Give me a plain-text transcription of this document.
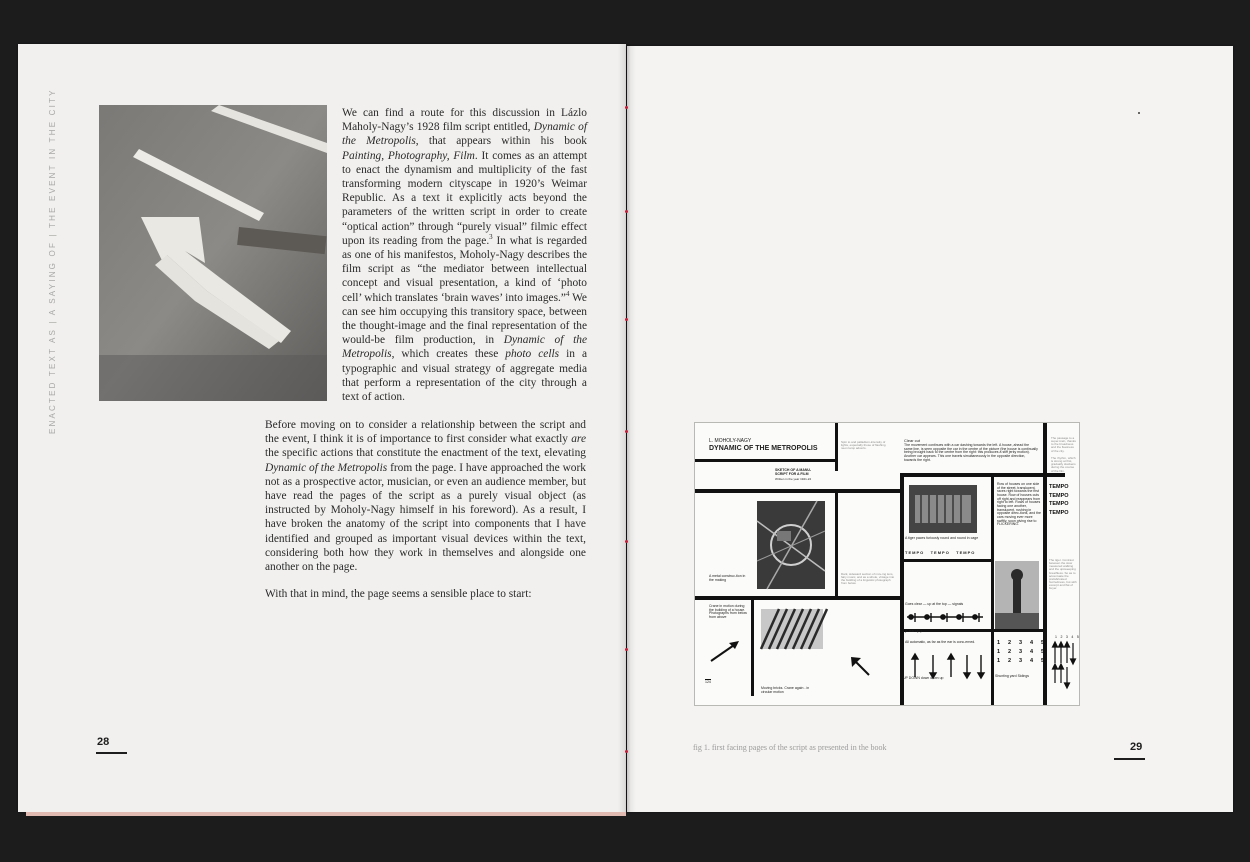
ENACTED TEXT AS | A SAYING OF | THE EVENT IN THE CITY	We can find a route for this discussion in Lázlo Maholy-Nagy’s 1928 film script entitled, Dynamic of the Metropolis, that appears within his book Painting, Photography, Film. It comes as an attempt to enact the dynamism and multiplicity of the fast transforming modern cityscape in 1920’s Weimar Republic. As a text it explicitly acts beyond the parameters of the written script in order to create “optical action” through “purely visual” filmic effect upon its reading from the page.$^3$ In what is regarded as one of his manifestos, Moholy-Nagy describes the film script as “the mediator between intellectual concept and visual presentation, a kind of ‘photo cell’ which translates ‘brain waves’ into images.”$^4$ We can see him occupying this transitory space, between the thought-image and the final representation of the would-be film production, in Dynamic of the Metropolis, which creates these photo cells in a typographic and visual strategy of aggregate media that perform a representation of the city through a text of action.

Before moving on to consider a relationship between the script and the event, I think it is of importance to first consider what exactly are the specific actions that constitute the enactment of the text, elevating Dynamic of the Metropolis from the page. I have approached the work not as a prospective actor, musician, or even an audience member, but have read the pages of the script as a purely visual object (as instructed by Moholy-Nagy himself in his foreword). As a result, I have broken the anatomy of the script into components that I have identified and grouped as important visual devices within the text, considering both how they work in themselves and alongside one another on the page.

With that in mind, the page seems a sensible place to start:

28
L. MOHOLY-NAGY
DYNAMIC OF THE METROPOLIS
SKETCH OF A MANU-SCRIPT FOR A FILM
Written in the year 1921-22
Spin to and palladium-intensity of lights, especially those of flashing neon lamp adverts.
Clear cut
The movement continues with a car dashing towards the left. A house, ahead the same line, is seen opposite the car in the centre of the picture (the house is continually being brought back to the centre from the right: this produces a stiff jerky motion). Another car appears. This one travels simultaneously in the opposite direction, towards the right.
The passage to a super-train, thanks to the broadness and the fleetness of the city.
The rhythm, which is strong at first, gradually slackens during the course of the film.
A metal construc-tion in the making
Dark, sideward section of mov-ing lens, fairy music, and as a whole, vintage into the building of a linguistic photograph from below.
A tiger paces furiously round and round in cage
TEMPO TEMPO TEMPO
Row of houses on one side of the street, translucent, races right towards the first house. Row of houses cuts off right and reappears from right to left. Rows of houses facing one another, translucent, rushing in opposite direc-tions, and the cars moving ever more swiftly, soon giving rise to FLICKERING.
TEMPO
TEMPO
TEMPO
TEMPO
The tiger. Contrast between the slow measured walking and the upsweeping breathless. So as to accentuate the prefabricated hurriedness, but with excerpt and flat of buyer.
Shunting yard Sidings
Crane in motion during the building of a house. Photographs from below from above
124
Moving bricks. Crane again - in circular motion
Goes clear — up at the top — signals
(Clear up.)
All automatic, as far as the ear is conc-erned.
UP DOWN down down up
1 2 3 4 5
1 2 3 4 5
1 2 3 4 5
12345
fig 1. first facing pages of the script as presented in the book	29
